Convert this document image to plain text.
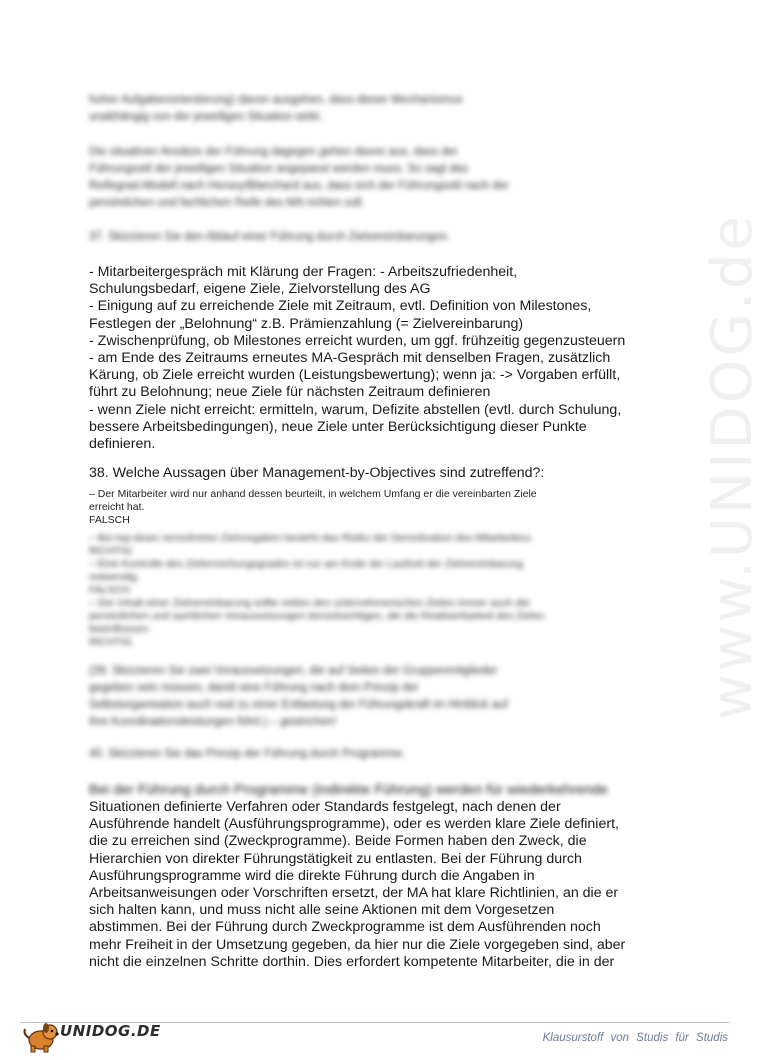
www.UNIDOG.de
hoher Aufgabenorientierung) davon ausgehen, dass dieser Mechanismus
unabhängig von der jeweiligen Situation wirkt.
Die situativen Ansätze der Führung dagegen gehen davon aus, dass der
Führungsstil der jeweiligen Situation angepasst werden muss. So sagt das
Reifegrad-Modell nach Hersey/Blanchard aus, dass sich der Führungsstil nach der
persönlichen und fachlichen Reife des MA richten soll.
37. Skizzieren Sie den Ablauf einer Führung durch Zielvereinbarungen.
- Mitarbeitergespräch mit Klärung der Fragen: - Arbeitszufriedenheit,
Schulungsbedarf, eigene Ziele, Zielvorstellung des AG
- Einigung auf zu erreichende Ziele mit Zeitraum, evtl. Definition von Milestones,
Festlegen der „Belohnung“ z.B. Prämienzahlung (= Zielvereinbarung)
- Zwischenprüfung, ob Milestones erreicht wurden, um ggf. frühzeitig gegenzusteuern
- am Ende des Zeitraums erneutes MA-Gespräch mit denselben Fragen, zusätzlich
Kärung, ob Ziele erreicht wurden (Leistungsbewertung); wenn ja: -> Vorgaben erfüllt,
führt zu Belohnung; neue Ziele für nächsten Zeitraum definieren
- wenn Ziele nicht erreicht: ermitteln, warum, Defizite abstellen (evtl. durch Schulung,
bessere Arbeitsbedingungen), neue Ziele unter Berücksichtigung dieser Punkte
definieren.
38. Welche Aussagen über Management-by-Objectives sind zutreffend?:
– Der Mitarbeiter wird nur anhand dessen beurteilt, in welchem Umfang er die vereinbarten Ziele
erreicht hat.
FALSCH
– Bei top-down verordneten Zielvorgaben besteht das Risiko der Demotivation des Mitarbeiters.
RICHTIG
– Eine Kontrolle des Zielerreichungsgrades ist nur am Ende der Laufzeit der Zielvereinbarung
notwendig.
FALSCH
– Der Inhalt einer Zielvereinbarung sollte neben den unternehmerischen Zielen immer auch die
persönlichen und sachlichen Voraussetzungen berücksichtigen, die die Realisierbarkeit des Zieles
beeinflussen.
RICHTIG
(39. Skizzieren Sie zwei Voraussetzungen, die auf Seiten der Gruppenmitglieder
gegeben sein müssen, damit eine Führung nach dem Prinzip der
Selbstorganisation auch real zu einer Entlastung der Führungskraft im Hinblick auf
ihre Koordinationsleistungen führt.) – gestrichen!
40. Skizzieren Sie das Prinzip der Führung durch Programme.
Bei der Führung durch Programme (indirekte Führung) werden für wiederkehrende
Situationen definierte Verfahren oder Standards festgelegt, nach denen der
Ausführende handelt (Ausführungsprogramme), oder es werden klare Ziele definiert,
die zu erreichen sind (Zweckprogramme). Beide Formen haben den Zweck, die
Hierarchien von direkter Führungstätigkeit zu entlasten. Bei der Führung durch
Ausführungsprogramme wird die direkte Führung durch die Angaben in
Arbeitsanweisungen oder Vorschriften ersetzt, der MA hat klare Richtlinien, an die er
sich halten kann, und muss nicht alle seine Aktionen mit dem Vorgesetzen
abstimmen. Bei der Führung durch Zweckprogramme ist dem Ausführenden noch
mehr Freiheit in der Umsetzung gegeben, da hier nur die Ziele vorgegeben sind, aber
nicht die einzelnen Schritte dorthin. Dies erfordert kompetente Mitarbeiter, die in der
UNIDOG.DE	Klausurstoff von Studis für Studis
